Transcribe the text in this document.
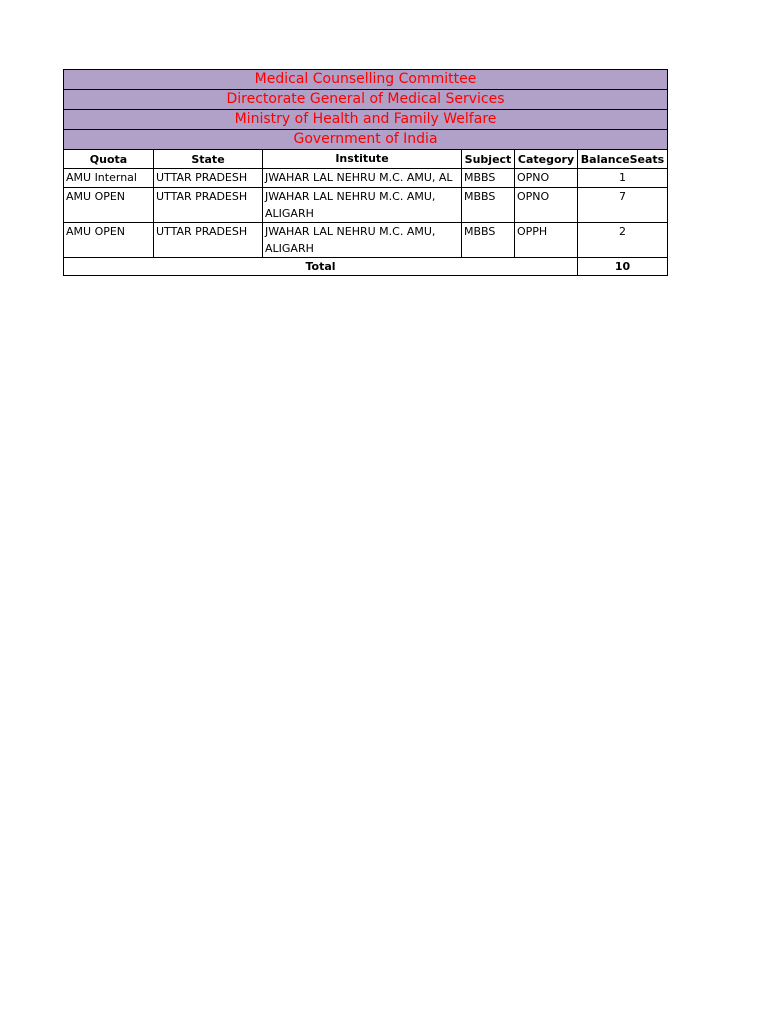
Medical Counselling Committee					
Directorate General of Medical Services					
Ministry of Health and Family Welfare					
Government of India					
Quota	State	Institute	Subject	Category	BalanceSeats
AMU Internal	UTTAR PRADESH	JWAHAR LAL NEHRU M.C. AMU, AL	MBBS	OPNO	1
AMU OPEN	UTTAR PRADESH	JWAHAR LAL NEHRU M.C. AMU, ALIGARH	MBBS	OPNO	7
AMU OPEN	UTTAR PRADESH	JWAHAR LAL NEHRU M.C. AMU, ALIGARH	MBBS	OPPH	2
Total					10
